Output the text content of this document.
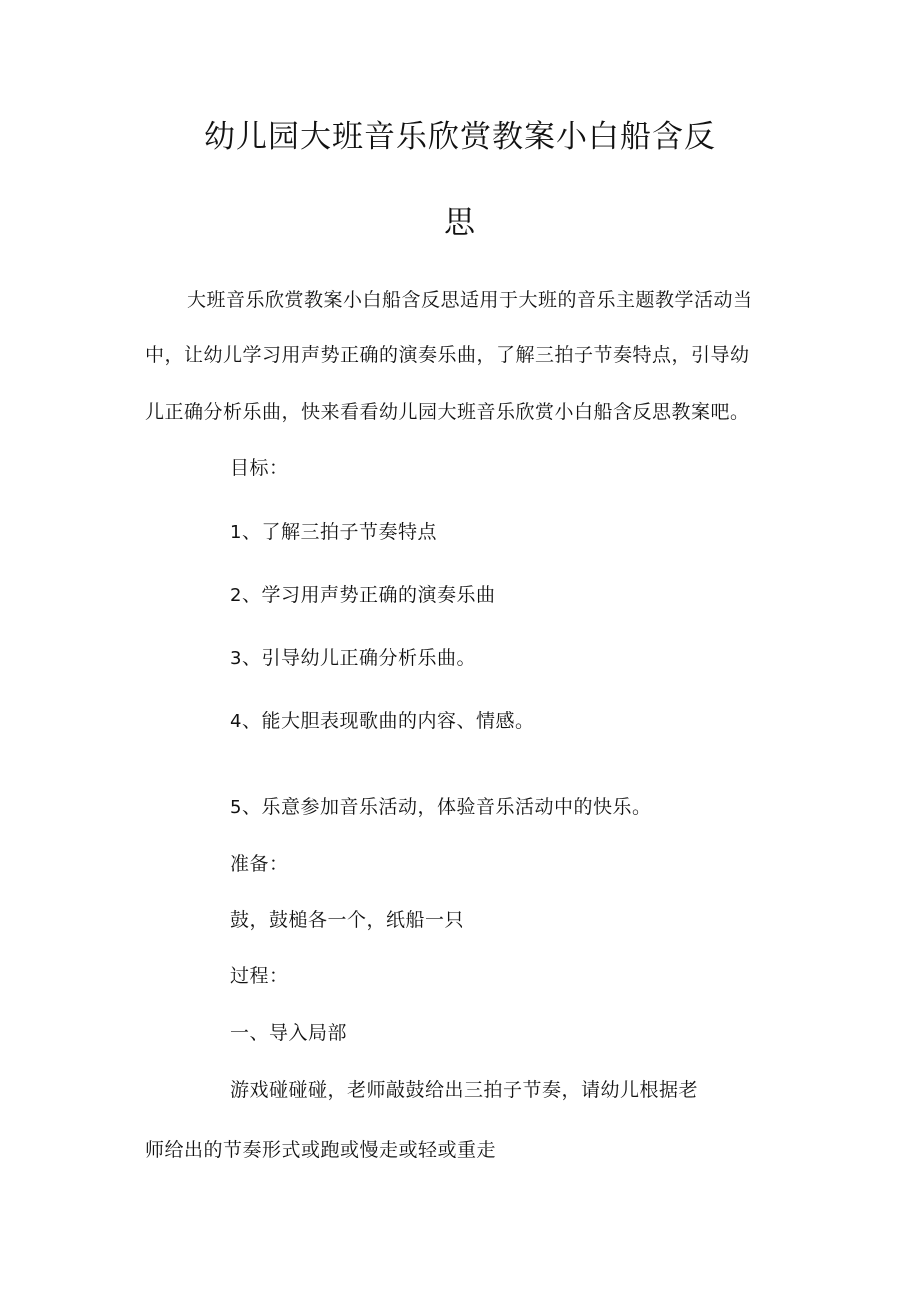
幼儿园大班音乐欣赏教案小白船含反
思
大班音乐欣赏教案小白船含反思适用于大班的音乐主题教学活动当
中，让幼儿学习用声势正确的演奏乐曲，了解三拍子节奏特点，引导幼
儿正确分析乐曲，快来看看幼儿园大班音乐欣赏小白船含反思教案吧。
目标：
1、了解三拍子节奏特点
2、学习用声势正确的演奏乐曲
3、引导幼儿正确分析乐曲。
4、能大胆表现歌曲的内容、情感。
5、乐意参加音乐活动，体验音乐活动中的快乐。
准备：
鼓，鼓槌各一个，纸船一只
过程：
一、导入局部
游戏碰碰碰，老师敲鼓给出三拍子节奏，请幼儿根据老
师给出的节奏形式或跑或慢走或轻或重走
